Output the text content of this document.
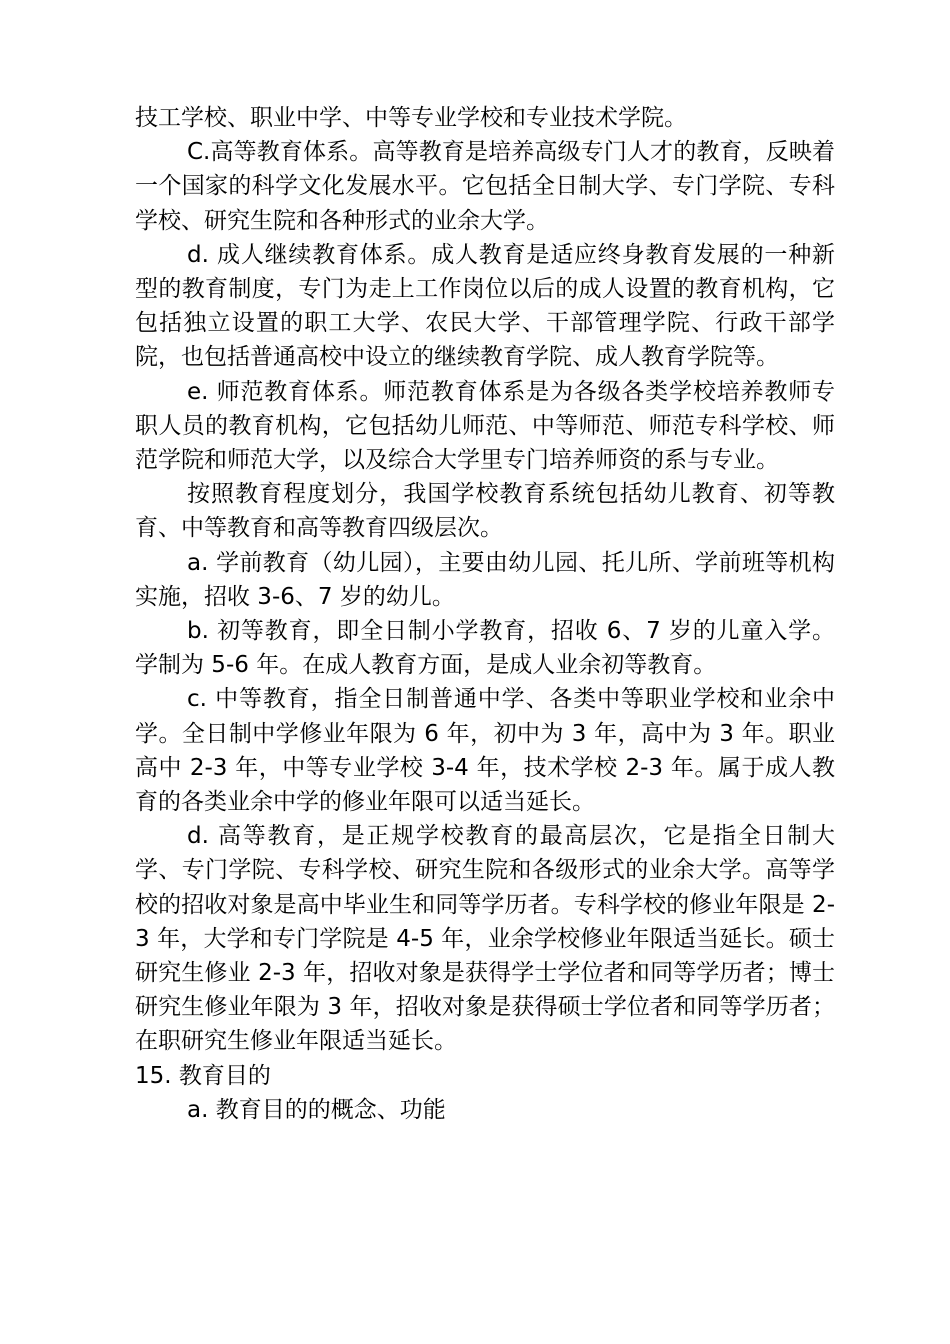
技工学校、职业中学、中等专业学校和专业技术学院。

C.高等教育体系。高等教育是培养高级专门人才的教育，反映着一个国家的科学文化发展水平。它包括全日制大学、专门学院、专科学校、研究生院和各种形式的业余大学。

d. 成人继续教育体系。成人教育是适应终身教育发展的一种新型的教育制度，专门为走上工作岗位以后的成人设置的教育机构，它包括独立设置的职工大学、农民大学、干部管理学院、行政干部学院，也包括普通高校中设立的继续教育学院、成人教育学院等。

e. 师范教育体系。师范教育体系是为各级各类学校培养教师专职人员的教育机构，它包括幼儿师范、中等师范、师范专科学校、师范学院和师范大学，以及综合大学里专门培养师资的系与专业。

按照教育程度划分，我国学校教育系统包括幼儿教育、初等教育、中等教育和高等教育四级层次。

a. 学前教育（幼儿园），主要由幼儿园、托儿所、学前班等机构实施，招收 3-6、7 岁的幼儿。

b. 初等教育，即全日制小学教育，招收 6、7 岁的儿童入学。学制为 5-6 年。在成人教育方面，是成人业余初等教育。

c. 中等教育，指全日制普通中学、各类中等职业学校和业余中学。全日制中学修业年限为 6 年，初中为 3 年，高中为 3 年。职业高中 2-3 年，中等专业学校 3-4 年，技术学校 2-3 年。属于成人教育的各类业余中学的修业年限可以适当延长。

d. 高等教育，是正规学校教育的最高层次，它是指全日制大学、专门学院、专科学校、研究生院和各级形式的业余大学。高等学校的招收对象是高中毕业生和同等学历者。专科学校的修业年限是 2-3 年，大学和专门学院是 4-5 年，业余学校修业年限适当延长。硕士研究生修业 2-3 年，招收对象是获得学士学位者和同等学历者；博士研究生修业年限为 3 年，招收对象是获得硕士学位者和同等学历者；在职研究生修业年限适当延长。

15. 教育目的

a. 教育目的的概念、功能
